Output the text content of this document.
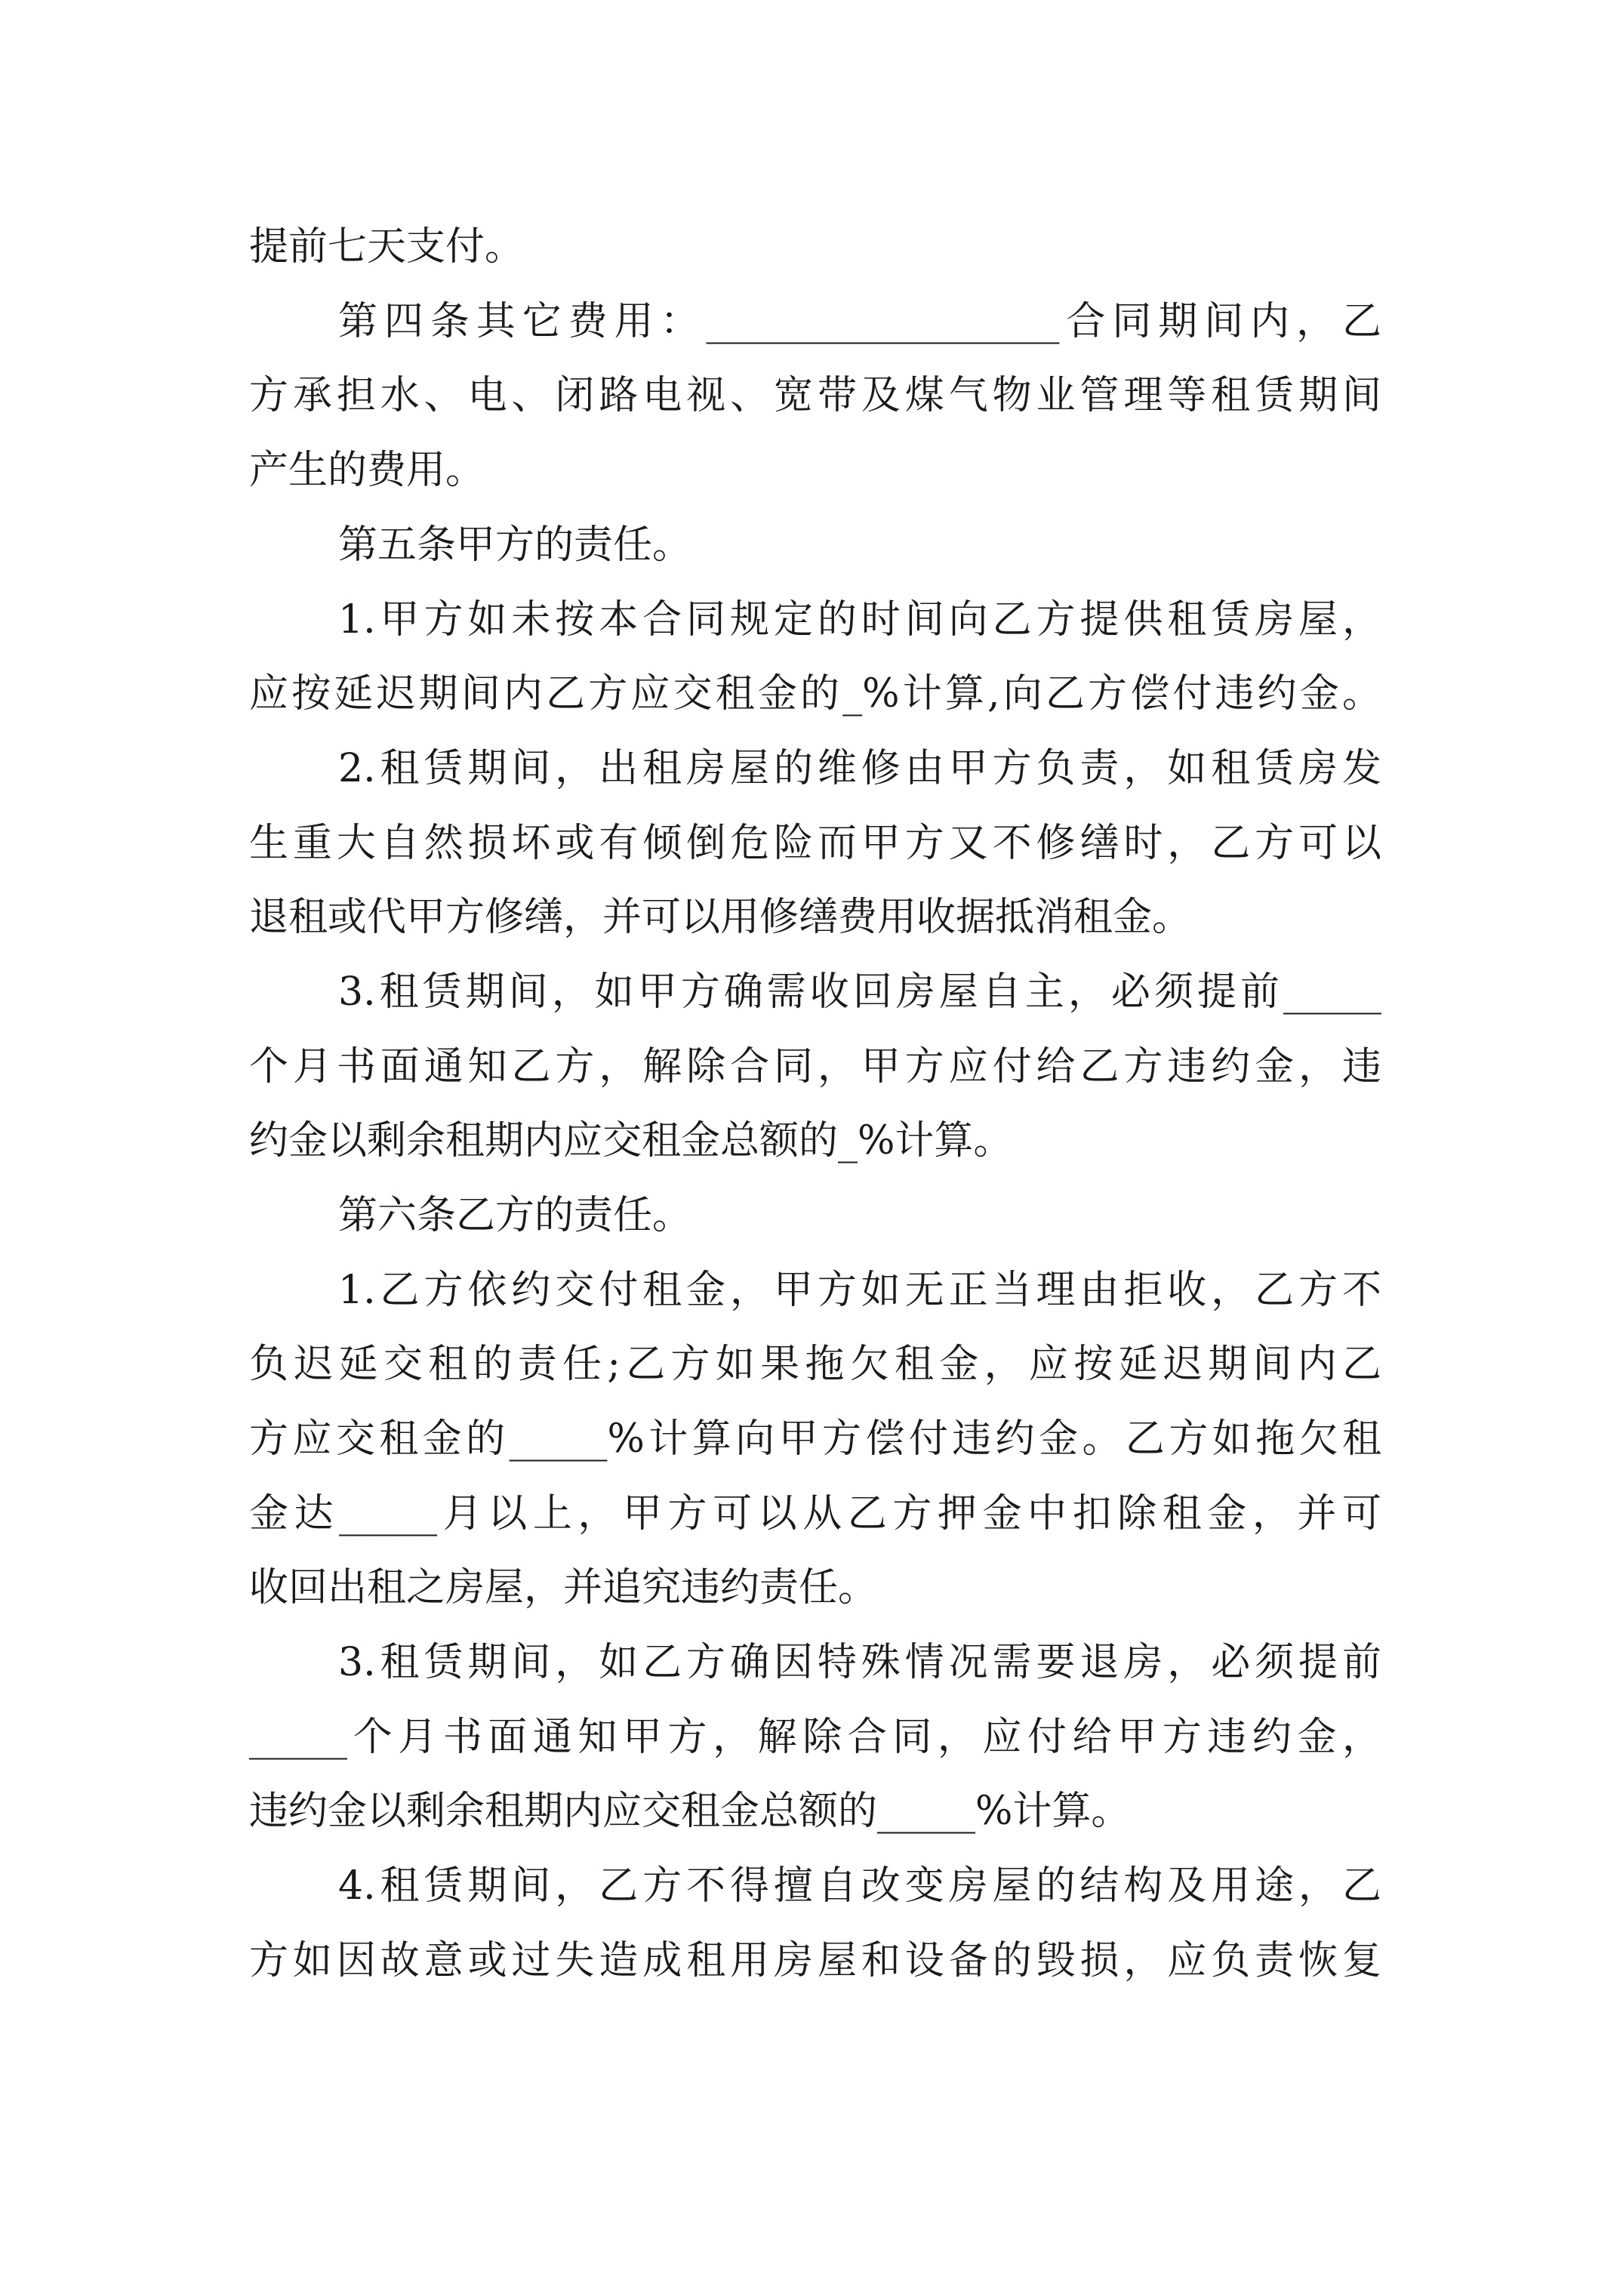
提前七天支付。
第四条其它费用：__________________合同期间内，乙
方承担水、电、闭路电视、宽带及煤气物业管理等租赁期间
产生的费用。
第五条甲方的责任。
1.甲方如未按本合同规定的时间向乙方提供租赁房屋，
应按延迟期间内乙方应交租金的_%计算,向乙方偿付违约金。
2.租赁期间，出租房屋的维修由甲方负责，如租赁房发
生重大自然损坏或有倾倒危险而甲方又不修缮时，乙方可以
退租或代甲方修缮，并可以用修缮费用收据抵消租金。
3.租赁期间，如甲方确需收回房屋自主，必须提前_____
个月书面通知乙方，解除合同，甲方应付给乙方违约金，违
约金以剩余租期内应交租金总额的_%计算。
第六条乙方的责任。
1.乙方依约交付租金，甲方如无正当理由拒收，乙方不
负迟延交租的责任;乙方如果拖欠租金，应按延迟期间内乙
方应交租金的_____%计算向甲方偿付违约金。乙方如拖欠租
金达_____月以上，甲方可以从乙方押金中扣除租金，并可
收回出租之房屋，并追究违约责任。
3.租赁期间，如乙方确因特殊情况需要退房，必须提前
_____个月书面通知甲方，解除合同，应付给甲方违约金，
违约金以剩余租期内应交租金总额的_____%计算。
4.租赁期间，乙方不得擅自改变房屋的结构及用途，乙
方如因故意或过失造成租用房屋和设备的毁损，应负责恢复
